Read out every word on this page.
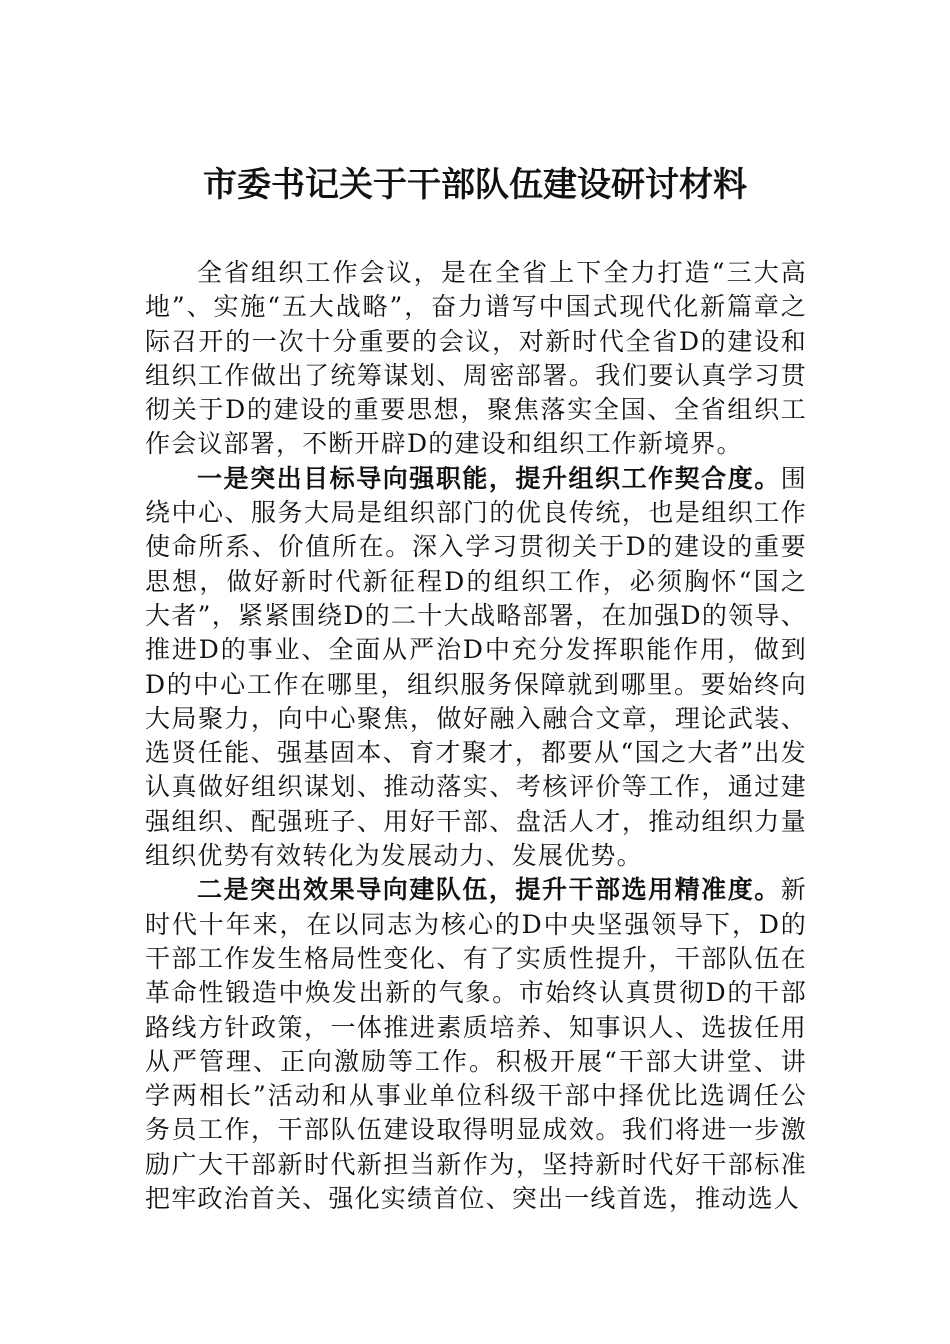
市委书记关于干部队伍建设研讨材料

全省组织工作会议，是在全省上下全力打造“三大高地”、实施“五大战略”，奋力谱写中国式现代化新篇章之际召开的一次十分重要的会议，对新时代全省D的建设和组织工作做出了统筹谋划、周密部署。我们要认真学习贯彻关于D的建设的重要思想，聚焦落实全国、全省组织工作会议部署，不断开辟D的建设和组织工作新境界。

一是突出目标导向强职能，提升组织工作契合度。围绕中心、服务大局是组织部门的优良传统，也是组织工作使命所系、价值所在。深入学习贯彻关于D的建设的重要思想，做好新时代新征程D的组织工作，必须胸怀“国之大者”，紧紧围绕D的二十大战略部署，在加强D的领导、推进D的事业、全面从严治D中充分发挥职能作用，做到D的中心工作在哪里，组织服务保障就到哪里。要始终向大局聚力，向中心聚焦，做好融入融合文章，理论武装、选贤任能、强基固本、育才聚才，都要从“国之大者”出发认真做好组织谋划、推动落实、考核评价等工作，通过建强组织、配强班子、用好干部、盘活人才，推动组织力量组织优势有效转化为发展动力、发展优势。

二是突出效果导向建队伍，提升干部选用精准度。新时代十年来，在以同志为核心的D中央坚强领导下，D的干部工作发生格局性变化、有了实质性提升，干部队伍在革命性锻造中焕发出新的气象。市始终认真贯彻D的干部路线方针政策，一体推进素质培养、知事识人、选拔任用从严管理、正向激励等工作。积极开展“干部大讲堂、讲学两相长”活动和从事业单位科级干部中择优比选调任公务员工作，干部队伍建设取得明显成效。我们将进一步激励广大干部新时代新担当新作为，坚持新时代好干部标准把牢政治首关、强化实绩首位、突出一线首选，推动选人
